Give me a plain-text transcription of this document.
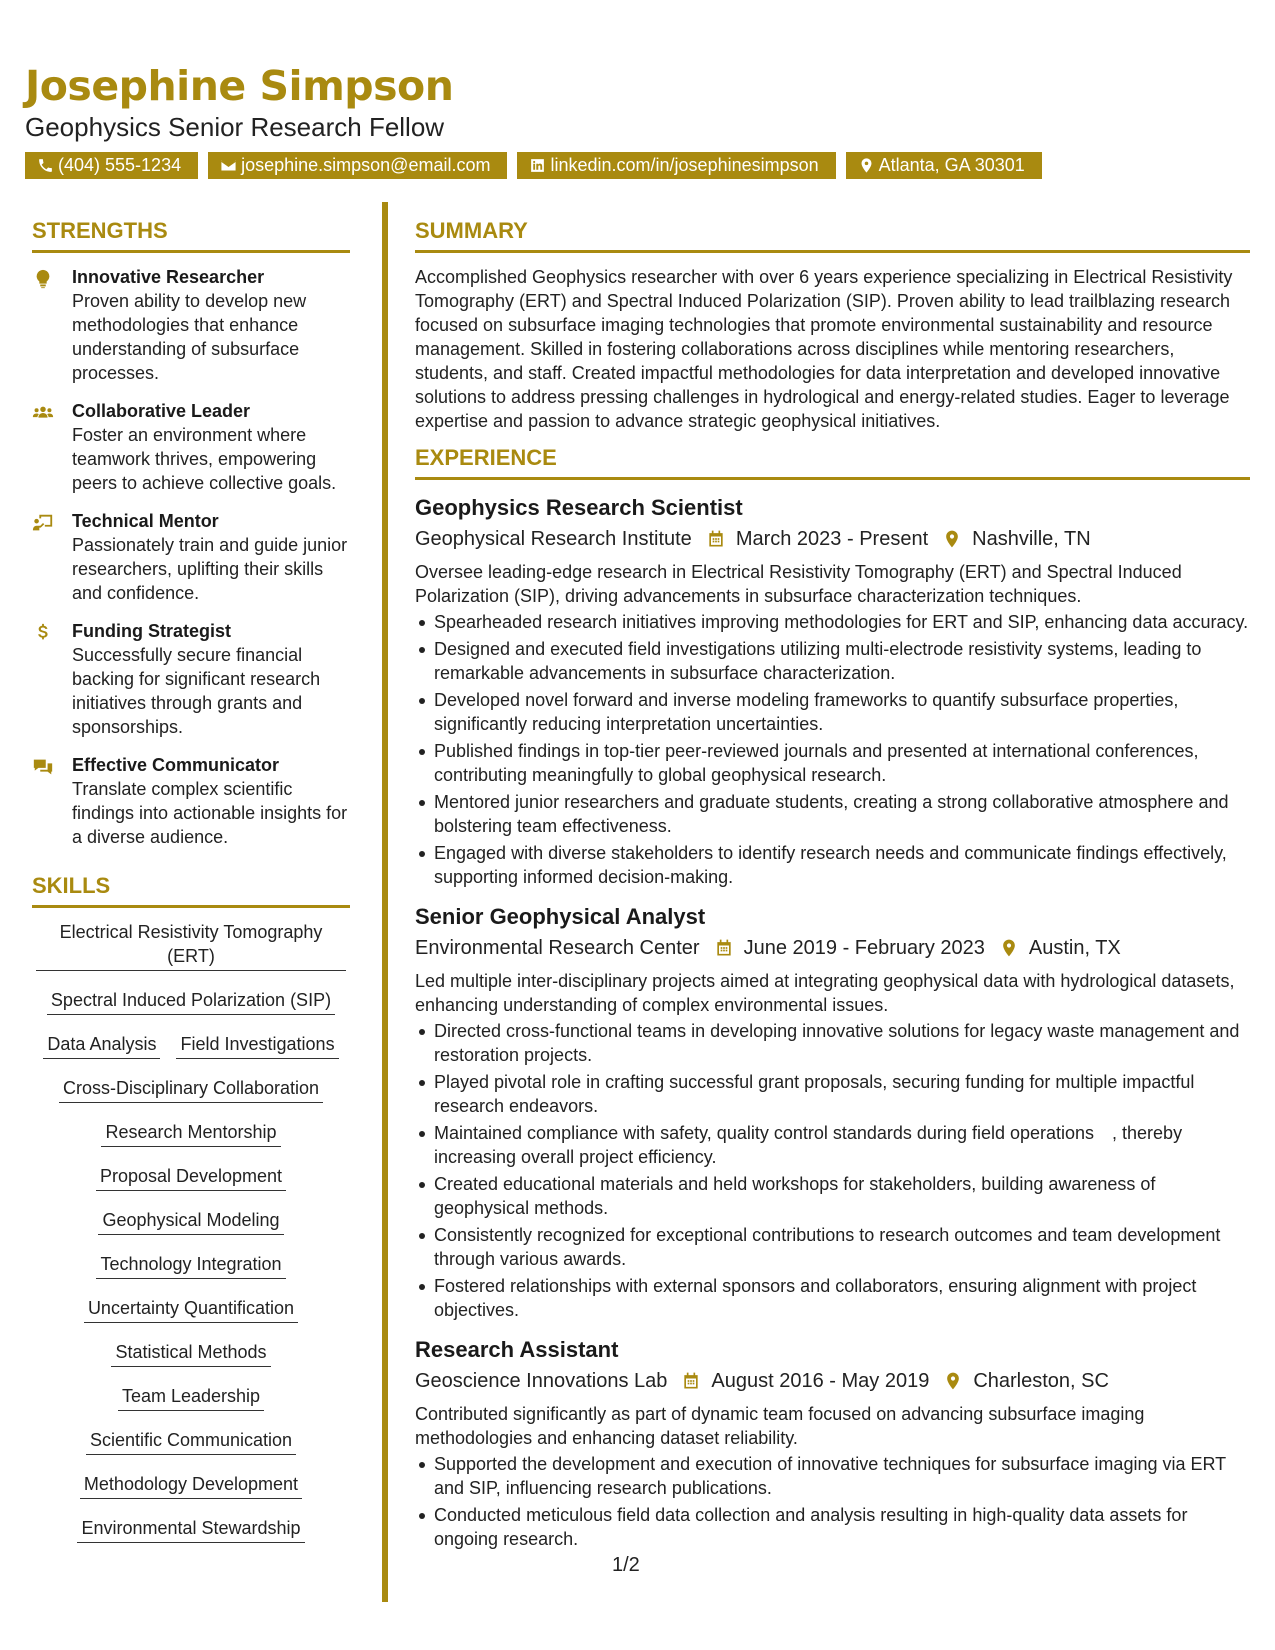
Josephine Simpson
Geophysics Senior Research Fellow
(404) 555-1234	josephine.simpson@email.com	linkedin.com/in/josephinesimpson	Atlanta, GA 30301
STRENGTHS
Innovative Researcher
Proven ability to develop new methodologies that enhance understanding of subsurface processes.
Collaborative Leader
Foster an environment where teamwork thrives, empowering peers to achieve collective goals.
Technical Mentor
Passionately train and guide junior researchers, uplifting their skills and confidence.
Funding Strategist
Successfully secure financial backing for significant research initiatives through grants and sponsorships.
Effective Communicator
Translate complex scientific findings into actionable insights for a diverse audience.
SKILLS
Electrical Resistivity Tomography (ERT)
Spectral Induced Polarization (SIP)
Data Analysis Field Investigations
Cross-Disciplinary Collaboration
Research Mentorship
Proposal Development
Geophysical Modeling
Technology Integration
Uncertainty Quantification
Statistical Methods
Team Leadership
Scientific Communication
Methodology Development
Environmental Stewardship
SUMMARY
Accomplished Geophysics researcher with over 6 years experience specializing in Electrical Resistivity Tomography (ERT) and Spectral Induced Polarization (SIP). Proven ability to lead trailblazing research focused on subsurface imaging technologies that promote environmental sustainability and resource management. Skilled in fostering collaborations across disciplines while mentoring researchers, students, and staff. Created impactful methodologies for data interpretation and developed innovative solutions to address pressing challenges in hydrological and energy-related studies. Eager to leverage expertise and passion to advance strategic geophysical initiatives.
EXPERIENCE
Geophysics Research Scientist
Geophysical Research Institute March 2023 - Present Nashville, TN
Oversee leading-edge research in Electrical Resistivity Tomography (ERT) and Spectral Induced Polarization (SIP), driving advancements in subsurface characterization techniques.
Spearheaded research initiatives improving methodologies for ERT and SIP, enhancing data accuracy.
Designed and executed field investigations utilizing multi-electrode resistivity systems, leading to remarkable advancements in subsurface characterization.
Developed novel forward and inverse modeling frameworks to quantify subsurface properties, significantly reducing interpretation uncertainties.
Published findings in top-tier peer-reviewed journals and presented at international conferences, contributing meaningfully to global geophysical research.
Mentored junior researchers and graduate students, creating a strong collaborative atmosphere and bolstering team effectiveness.
Engaged with diverse stakeholders to identify research needs and communicate findings effectively, supporting informed decision-making.
Senior Geophysical Analyst
Environmental Research Center June 2019 - February 2023 Austin, TX
Led multiple inter-disciplinary projects aimed at integrating geophysical data with hydrological datasets, enhancing understanding of complex environmental issues.
Directed cross-functional teams in developing innovative solutions for legacy waste management and restoration projects.
Played pivotal role in crafting successful grant proposals, securing funding for multiple impactful research endeavors.
Maintained compliance with safety, quality control standards during field operations　, thereby increasing overall project efficiency.
Created educational materials and held workshops for stakeholders, building awareness of geophysical methods.
Consistently recognized for exceptional contributions to research outcomes and team development through various awards.
Fostered relationships with external sponsors and collaborators, ensuring alignment with project objectives.
Research Assistant
Geoscience Innovations Lab August 2016 - May 2019 Charleston, SC
Contributed significantly as part of dynamic team focused on advancing subsurface imaging methodologies and enhancing dataset reliability.
Supported the development and execution of innovative techniques for subsurface imaging via ERT and SIP, influencing research publications.
Conducted meticulous field data collection and analysis resulting in high-quality data assets for ongoing research.
1/2
